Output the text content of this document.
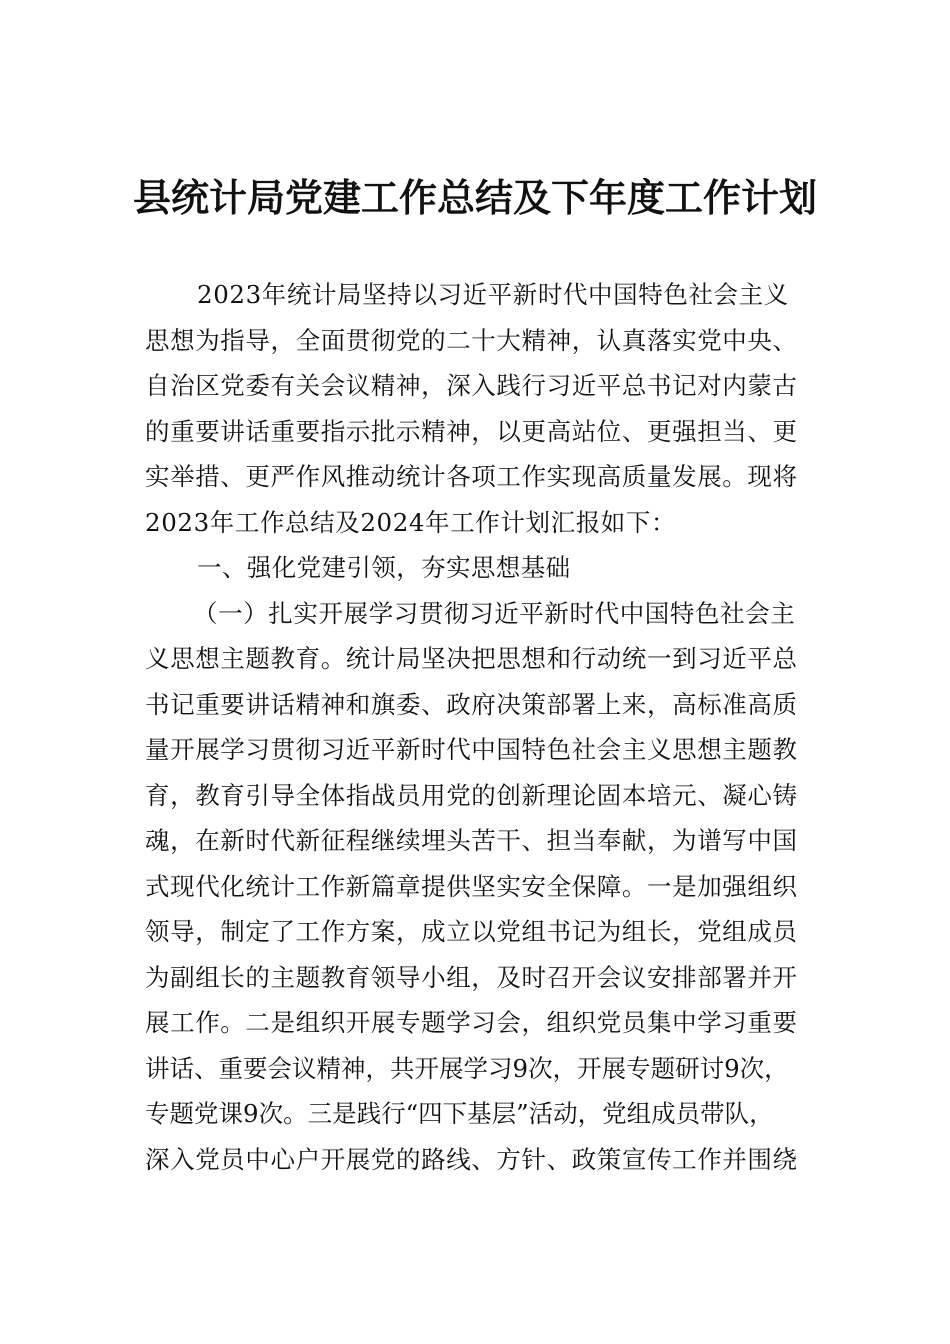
县统计局党建工作总结及下年度工作计划
2023年统计局坚持以习近平新时代中国特色社会主义
思想为指导，全面贯彻党的二十大精神，认真落实党中央、
自治区党委有关会议精神，深入践行习近平总书记对内蒙古
的重要讲话重要指示批示精神，以更高站位、更强担当、更
实举措、更严作风推动统计各项工作实现高质量发展。现将
2023年工作总结及2024年工作计划汇报如下：
一、强化党建引领，夯实思想基础
（一）扎实开展学习贯彻习近平新时代中国特色社会主
义思想主题教育。统计局坚决把思想和行动统一到习近平总
书记重要讲话精神和旗委、政府决策部署上来，高标准高质
量开展学习贯彻习近平新时代中国特色社会主义思想主题教
育，教育引导全体指战员用党的创新理论固本培元、凝心铸
魂，在新时代新征程继续埋头苦干、担当奉献，为谱写中国
式现代化统计工作新篇章提供坚实安全保障。一是加强组织
领导，制定了工作方案，成立以党组书记为组长，党组成员
为副组长的主题教育领导小组，及时召开会议安排部署并开
展工作。二是组织开展专题学习会，组织党员集中学习重要
讲话、重要会议精神，共开展学习9次，开展专题研讨9次，
专题党课9次。三是践行“四下基层”活动，党组成员带队，
深入党员中心户开展党的路线、方针、政策宣传工作并围绕
